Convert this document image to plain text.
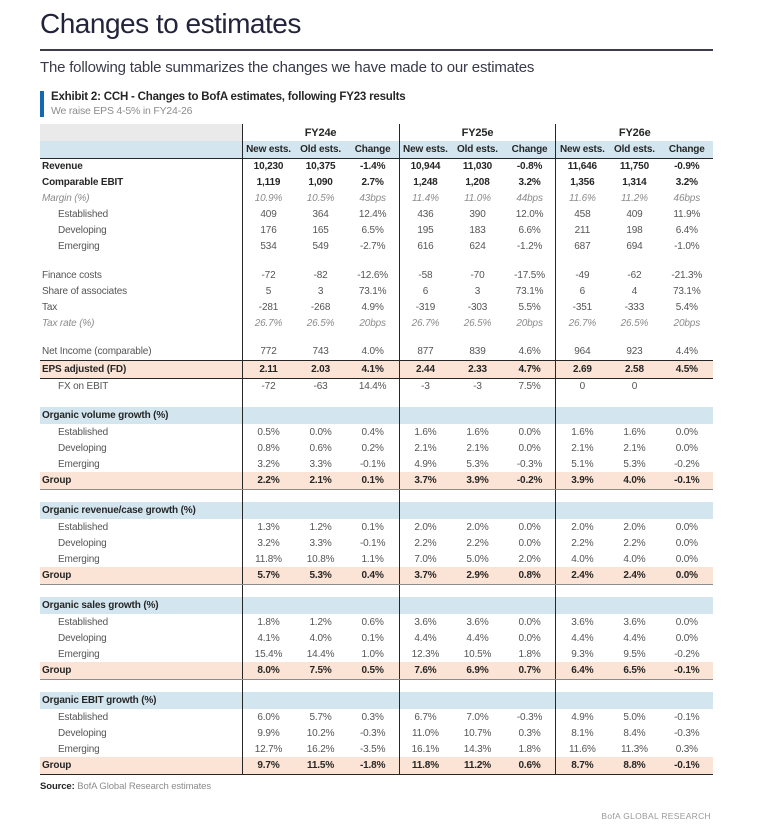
Changes to estimates
The following table summarizes the changes we have made to our estimates
Exhibit 2: CCH - Changes to BofA estimates, following FY23 results
We raise EPS 4-5% in FY24-26
	FY24e			FY25e			FY26e		
	New ests.	Old ests.	Change	New ests.	Old ests.	Change	New ests.	Old ests.	Change
Revenue	10,230	10,375	-1.4%	10,944	11,030	-0.8%	11,646	11,750	-0.9%
Comparable EBIT	1,119	1,090	2.7%	1,248	1,208	3.2%	1,356	1,314	3.2%
Margin (%)	10.9%	10.5%	43bps	11.4%	11.0%	44bps	11.6%	11.2%	46bps
Established	409	364	12.4%	436	390	12.0%	458	409	11.9%
Developing	176	165	6.5%	195	183	6.6%	211	198	6.4%
Emerging	534	549	-2.7%	616	624	-1.2%	687	694	-1.0%

Finance costs	-72	-82	-12.6%	-58	-70	-17.5%	-49	-62	-21.3%
Share of associates	5	3	73.1%	6	3	73.1%	6	4	73.1%
Tax	-281	-268	4.9%	-319	-303	5.5%	-351	-333	5.4%
Tax rate (%)	26.7%	26.5%	20bps	26.7%	26.5%	20bps	26.7%	26.5%	20bps

Net Income (comparable)	772	743	4.0%	877	839	4.6%	964	923	4.4%
EPS adjusted (FD)	2.11	2.03	4.1%	2.44	2.33	4.7%	2.69	2.58	4.5%
FX on EBIT	-72	-63	14.4%	-3	-3	7.5%	0	0	

Organic volume growth (%)									
Established	0.5%	0.0%	0.4%	1.6%	1.6%	0.0%	1.6%	1.6%	0.0%
Developing	0.8%	0.6%	0.2%	2.1%	2.1%	0.0%	2.1%	2.1%	0.0%
Emerging	3.2%	3.3%	-0.1%	4.9%	5.3%	-0.3%	5.1%	5.3%	-0.2%
Group	2.2%	2.1%	0.1%	3.7%	3.9%	-0.2%	3.9%	4.0%	-0.1%

Organic revenue/case growth (%)									
Established	1.3%	1.2%	0.1%	2.0%	2.0%	0.0%	2.0%	2.0%	0.0%
Developing	3.2%	3.3%	-0.1%	2.2%	2.2%	0.0%	2.2%	2.2%	0.0%
Emerging	11.8%	10.8%	1.1%	7.0%	5.0%	2.0%	4.0%	4.0%	0.0%
Group	5.7%	5.3%	0.4%	3.7%	2.9%	0.8%	2.4%	2.4%	0.0%

Organic sales growth (%)									
Established	1.8%	1.2%	0.6%	3.6%	3.6%	0.0%	3.6%	3.6%	0.0%
Developing	4.1%	4.0%	0.1%	4.4%	4.4%	0.0%	4.4%	4.4%	0.0%
Emerging	15.4%	14.4%	1.0%	12.3%	10.5%	1.8%	9.3%	9.5%	-0.2%
Group	8.0%	7.5%	0.5%	7.6%	6.9%	0.7%	6.4%	6.5%	-0.1%

Organic EBIT growth (%)									
Established	6.0%	5.7%	0.3%	6.7%	7.0%	-0.3%	4.9%	5.0%	-0.1%
Developing	9.9%	10.2%	-0.3%	11.0%	10.7%	0.3%	8.1%	8.4%	-0.3%
Emerging	12.7%	16.2%	-3.5%	16.1%	14.3%	1.8%	11.6%	11.3%	0.3%
Group	9.7%	11.5%	-1.8%	11.8%	11.2%	0.6%	8.7%	8.8%	-0.1%
Source: BofA Global Research estimates
BofA GLOBAL RESEARCH
